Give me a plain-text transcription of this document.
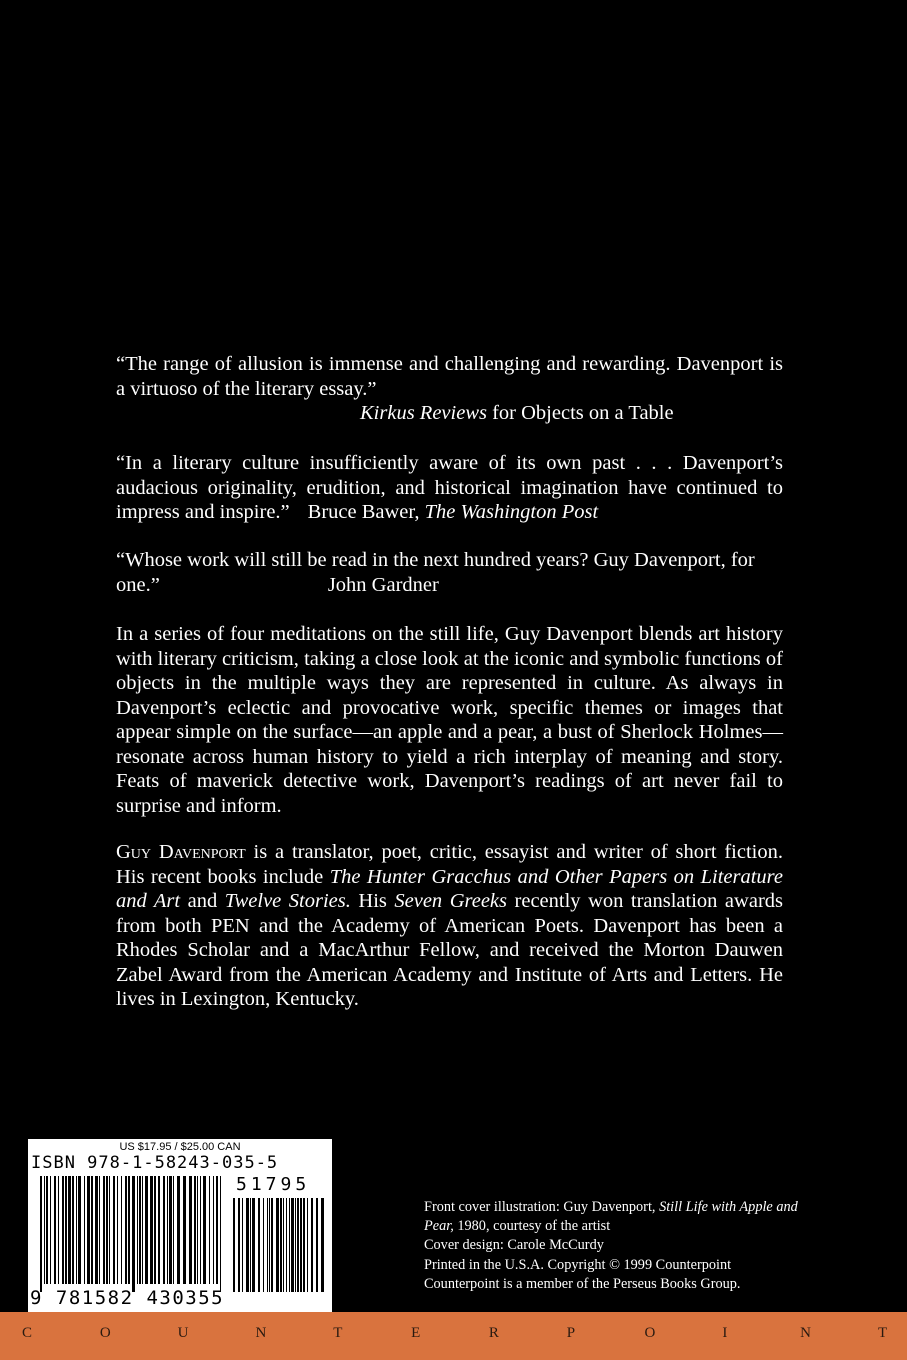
“The range of allusion is immense and challenging and rewarding. Davenport is a virtuoso of the literary essay.”

Kirkus Reviews for Objects on a Table

“In a literary culture insufficiently aware of its own past . . . Davenport’s audacious originality, erudition, and historical imagination have continued to impress and inspire.” Bruce Bawer, The Washington Post

“Whose work will still be read in the next hundred years? Guy Davenport, for one.”	John Gardner

In a series of four meditations on the still life, Guy Davenport blends art history with literary criticism, taking a close look at the iconic and symbolic functions of objects in the multiple ways they are represented in culture. As always in Davenport’s eclectic and provocative work, specific themes or images that appear simple on the surface—an apple and a pear, a bust of Sherlock Holmes—resonate across human history to yield a rich interplay of meaning and story. Feats of maverick detective work, Davenport’s readings of art never fail to surprise and inform.

Guy Davenport is a translator, poet, critic, essayist and writer of short fiction. His recent books include The Hunter Gracchus and Other Papers on Literature and Art and Twelve Stories. His Seven Greeks recently won translation awards from both PEN and the Academy of American Poets. Davenport has been a Rhodes Scholar and a MacArthur Fellow, and received the Morton Dauwen Zabel Award from the American Academy and Institute of Arts and Letters. He lives in Lexington, Kentucky.

US $17.95 / $25.00 CAN
ISBN 978-1-58243-035-5
9 781582 430355
51795

Front cover illustration: Guy Davenport, Still Life with Apple and Pear, 1980, courtesy of the artist

Cover design: Carole McCurdy

Printed in the U.S.A. Copyright © 1999 Counterpoint

Counterpoint is a member of the Perseus Books Group.

C	O	U	N	T	E	R	P	O	I	N	T
